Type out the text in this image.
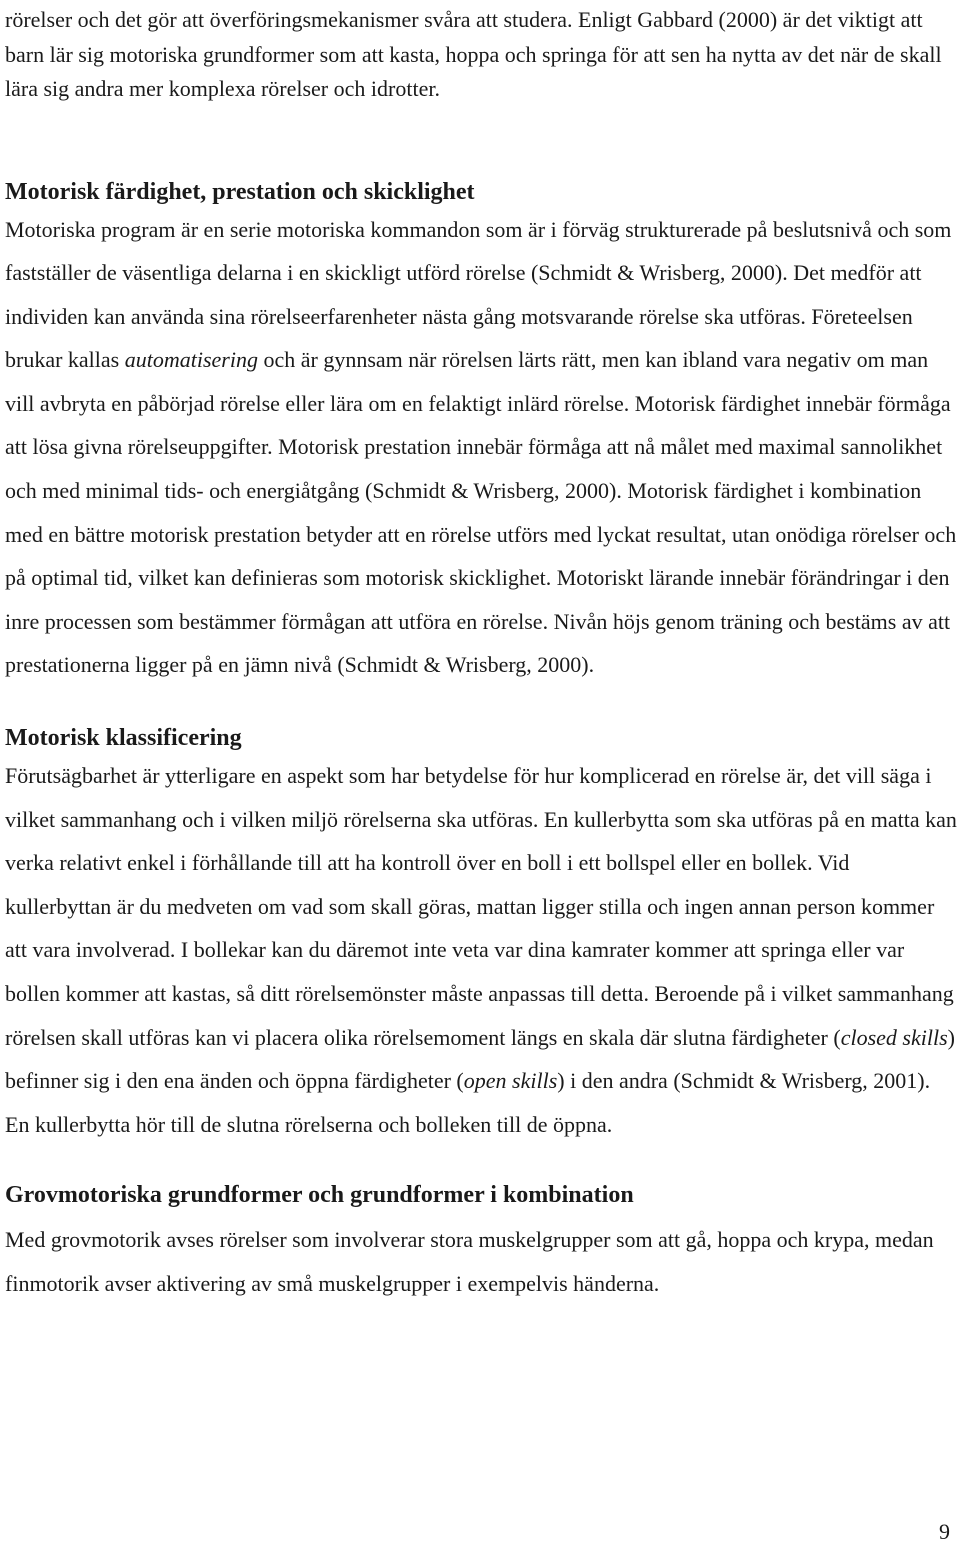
rörelser och det gör att överföringsmekanismer svåra att studera. Enligt Gabbard (2000) är det viktigt att barn lär sig motoriska grundformer som att kasta, hoppa och springa för att sen ha nytta av det när de skall lära sig andra mer komplexa rörelser och idrotter.

Motorisk färdighet, prestation och skicklighet

Motoriska program är en serie motoriska kommandon som är i förväg strukturerade på beslutsnivå och som fastställer de väsentliga delarna i en skickligt utförd rörelse (Schmidt & Wrisberg, 2000). Det medför att individen kan använda sina rörelseerfarenheter nästa gång motsvarande rörelse ska utföras. Företeelsen brukar kallas automatisering och är gynnsam när rörelsen lärts rätt, men kan ibland vara negativ om man vill avbryta en påbörjad rörelse eller lära om en felaktigt inlärd rörelse. Motorisk färdighet innebär förmåga att lösa givna rörelseuppgifter. Motorisk prestation innebär förmåga att nå målet med maximal sannolikhet och med minimal tids- och energiåtgång (Schmidt & Wrisberg, 2000). Motorisk färdighet i kombination med en bättre motorisk prestation betyder att en rörelse utförs med lyckat resultat, utan onödiga rörelser och på optimal tid, vilket kan definieras som motorisk skicklighet. Motoriskt lärande innebär förändringar i den inre processen som bestämmer förmågan att utföra en rörelse. Nivån höjs genom träning och bestäms av att prestationerna ligger på en jämn nivå (Schmidt & Wrisberg, 2000).

Motorisk klassificering

Förutsägbarhet är ytterligare en aspekt som har betydelse för hur komplicerad en rörelse är, det vill säga i vilket sammanhang och i vilken miljö rörelserna ska utföras. En kullerbytta som ska utföras på en matta kan verka relativt enkel i förhållande till att ha kontroll över en boll i ett bollspel eller en bollek. Vid kullerbyttan är du medveten om vad som skall göras, mattan ligger stilla och ingen annan person kommer att vara involverad. I bollekar kan du däremot inte veta var dina kamrater kommer att springa eller var bollen kommer att kastas, så ditt rörelsemönster måste anpassas till detta. Beroende på i vilket sammanhang rörelsen skall utföras kan vi placera olika rörelsemoment längs en skala där slutna färdigheter (closed skills) befinner sig i den ena änden och öppna färdigheter (open skills) i den andra (Schmidt & Wrisberg, 2001). En kullerbytta hör till de slutna rörelserna och bolleken till de öppna.

Grovmotoriska grundformer och grundformer i kombination

Med grovmotorik avses rörelser som involverar stora muskelgrupper som att gå, hoppa och krypa, medan finmotorik avser aktivering av små muskelgrupper i exempelvis händerna.

9
